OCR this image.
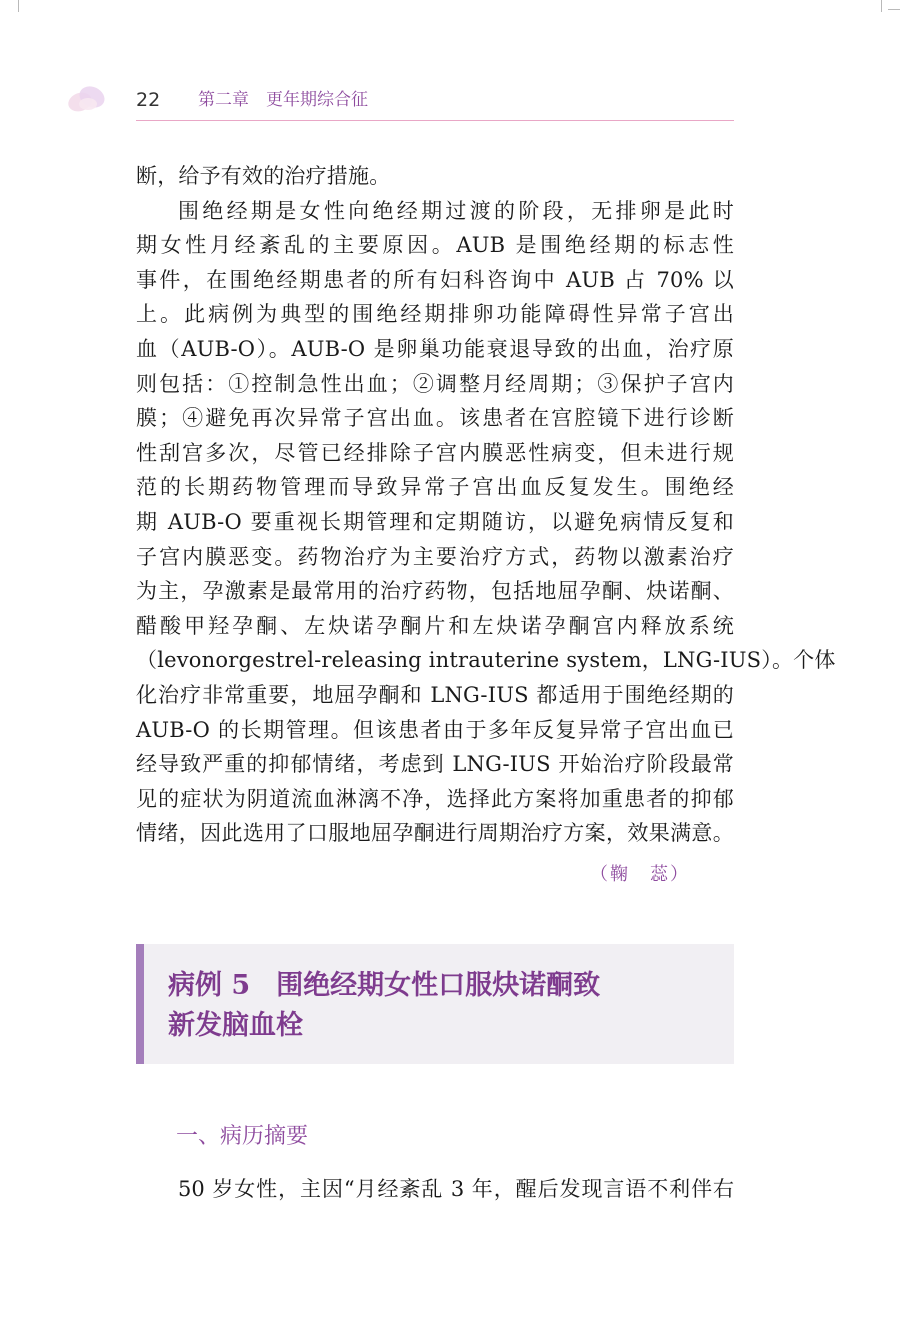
22 第二章　更年期综合征
断，给予有效的治疗措施。
围绝经期是女性向绝经期过渡的阶段，无排卵是此时
期女性月经紊乱的主要原因。AUB 是围绝经期的标志性
事件，在围绝经期患者的所有妇科咨询中 AUB 占 70% 以
上。此病例为典型的围绝经期排卵功能障碍性异常子宫出
血（AUB-O）。AUB-O 是卵巢功能衰退导致的出血，治疗原
则包括：①控制急性出血；②调整月经周期；③保护子宫内
膜；④避免再次异常子宫出血。该患者在宫腔镜下进行诊断
性刮宫多次，尽管已经排除子宫内膜恶性病变，但未进行规
范的长期药物管理而导致异常子宫出血反复发生。围绝经
期 AUB-O 要重视长期管理和定期随访，以避免病情反复和
子宫内膜恶变。药物治疗为主要治疗方式，药物以激素治疗
为主，孕激素是最常用的治疗药物，包括地屈孕酮、炔诺酮、
醋酸甲羟孕酮、左炔诺孕酮片和左炔诺孕酮宫内释放系统
（levonorgestrel-releasing intrauterine system，LNG-IUS）。个体
化治疗非常重要，地屈孕酮和 LNG-IUS 都适用于围绝经期的
AUB-O 的长期管理。但该患者由于多年反复异常子宫出血已
经导致严重的抑郁情绪，考虑到 LNG-IUS 开始治疗阶段最常
见的症状为阴道流血淋漓不净，选择此方案将加重患者的抑郁
情绪，因此选用了口服地屈孕酮进行周期治疗方案，效果满意。
（鞠　蕊）
病例 5 围绝经期女性口服炔诺酮致
新发脑血栓
一、病历摘要
50 岁女性，主因“月经紊乱 3 年，醒后发现言语不利伴右
